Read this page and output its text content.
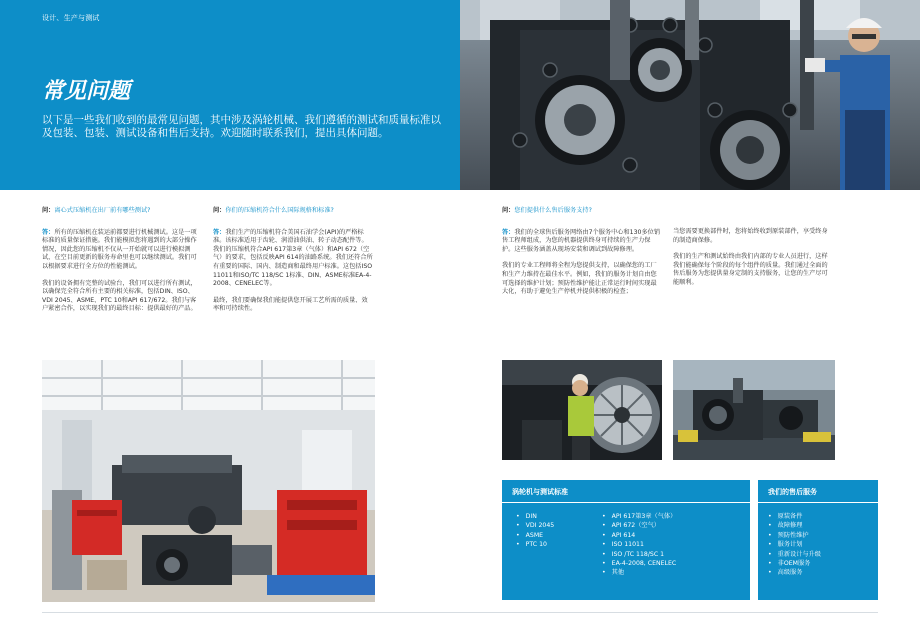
设计、生产与测试
常见问题
以下是一些我们收到的最常见问题，其中涉及涡轮机械、我们遵循的测试和质量标准以及包装、包装、测试设备和售后支持。欢迎随时联系我们，提出具体问题。
问：离心式压缩机在出厂前有哪些测试?
答：所有的压缩机在装运前都要进行机械测试。这是一项标准的质量保证措施。我们能模拟您将遇到的大部分操作情况，因此您的压缩机不仅从一开始就可以进行模拟测试，在空目前更新的服务寿命里也可以继续测试。我们可以根据要求进行全方位的性能测试。
我们的设备拥有完整的试验台，我们可以进行所有测试，以确保完全符合所有主要的相关标准，包括DIN、ISO、VDI 2045、ASME、PTC 10和API 617/672。我们与客户紧密合作，以实现我们的最终目标：提供最好的产品。
问：你们的压缩机符合什么国际规格和标准?
答：我们生产的压缩机符合美国石油学会(API)的严格标准。该标准适用于齿轮、润滑油供油、转子动态配件等。我们的压缩机符合API 617第3章（气体）和API 672（空气）的要求，包括反映API 614的油路系统。我们还符合所有重要的国际、国内、制造商和最终用户标准。这包括ISO 11011和ISO/TC 118/SC 1标准、DIN、ASME标准EA-4-2008、CENELEC等。
最终，我们要确保我们能提供您开展工艺所需的质量、效率和可持续性。
问：您们提供什么售后服务支持?
答：我们的全球售后服务网络由7个服务中心和130多位销售工程师组成，为您的机器提供终身可持续的生产力保护。这些服务涵盖从现场安装和调试到故障修理。
我们的专业工程师将全程为您提供支持，以确保您的工厂和生产力维持在最佳水平。例如，我们的服务计划自由您可选择的维护计划；预防性维护能让正常运行时间实现最大化，有助于避免生产停机并提供积极的检查；
当您需要更换部件时，您将始终收到原装部件，享受终身的制造商保修。
我们的生产和测试始终由我们内部的专业人员进行，这样我们能确保每个阶段的每个组件的质量。我们通过全面的售后服务为您提供量身定制的支持服务，让您的生产尽可能顺利。
涡轮机与测试标准
• DIN
• VDI 2045
• ASME
• PTC 10
• API 617第3章（气体）
• API 672（空气）
• API 614
• ISO 11011
• ISO /TC 118/SC 1
• EA-4-2008, CENELEC
• 其他
我们的售后服务
• 原装备件
• 故障修理
• 预防性维护
• 服务计划
• 重新设计与升级
• 非OEM服务
• 高级服务
